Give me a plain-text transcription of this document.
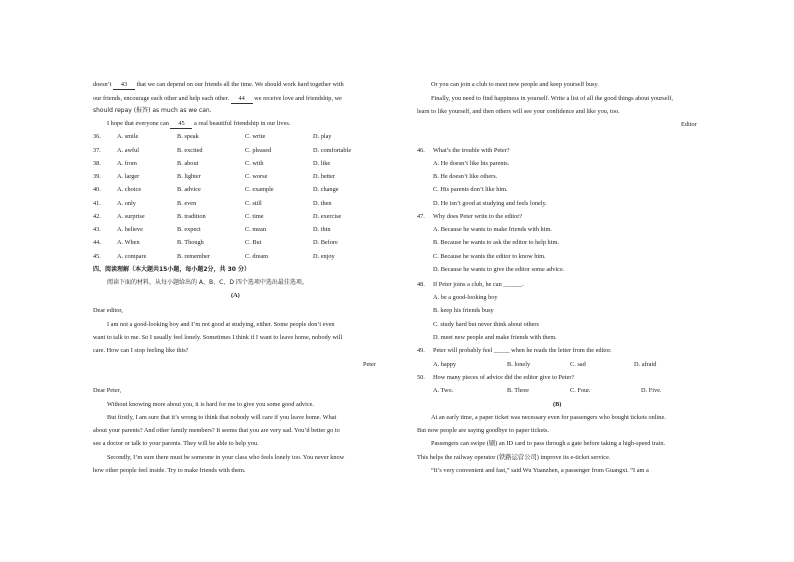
doesn’t 43 that we can depend on our friends all the time. We should work hard together with
our friends, encourage each other and help each other. 44 we receive love and friendship, we
should repay (报答) as much as we can.
I hope that everyone can 45 a real beautiful friendship in our lives.
36.	A. smile	B. speak	C. write	D. play
37.	A. awful	B. excited	C. pleased	D. comfortable
38.	A. from	B. about	C. with	D. like
39.	A. larger	B. lighter	C. worse	D. better
40.	A. choice	B. advice	C. example	D. change
41.	A. only	B. even	C. still	D. then
42.	A. surprise	B. tradition	C. time	D. exercise
43.	A. believe	B. expect	C. mean	D. thin
44.	A. When	B. Though	C. But	D. Before
45.	A. compare	B. remember	C. dream	D. enjoy
四、阅读理解（本大题共15小题，每小题2分，共 30 分）
阅读下面的材料，从每小题给出的 A、B、C、D 四个选项中选出最佳选项。
(A)
Dear editor,
I am not a good-looking boy and I’m not good at studying, either. Some people don’t even
want to talk to me. So I usually feel lonely. Sometimes I think if I want to leave home, nobody will
care. How can I stop feeling like this?
Peter
Dear Peter,
Without knowing more about you, it is hard for me to give you some good advice.
But firstly, I am sure that it’s wrong to think that nobody will care if you leave home. What
about your parents? And other family members? It seems that you are very sad. You’d better go to
see a doctor or talk to your parents. They will be able to help you.
Secondly, I’m sure there must be someone in your class who feels lonely too. You never know
how other people feel inside. Try to make friends with them.
Or you can join a club to meet new people and keep yourself busy.
Finally, you need to find happiness in yourself. Write a list of all the good things about yourself,
learn to like yourself, and then others will see your confidence and like you, too.
Editor
46. What’s the trouble with Peter?
A. He doesn’t like his parents.
B. He doesn’t like others.
C. His parents don’t like him.
D. He isn’t good at studying and feels lonely.
47. Why does Peter write to the editor?
A. Because he wants to make friends with him.
B. Because he wants to ask the editor to help him.
C. Because he wants the editor to know him.
D. Because he wants to give the editor some advice.
48. If Peter joins a club, he can ______.
A. be a good-looking boy
B. keep his friends busy
C. study hard but never think about others
D. meet new people and make friends with them.
49. Peter will probably feel _____ when he reads the letter from the editor.
A. happy	B. lonely	C. sad	D. afraid
50. How many pieces of advice did the editor give to Peter?
A. Two.	B. Three	C. Four.	D. Five.
(B)
At an early time, a paper ticket was necessary even for passengers who bought tickets online.
But now people are saying goodbye to paper tickets.
Passengers can swipe (刷) an ID card to pass through a gate before taking a high-speed train.
This helps the railway operator (铁路运营公司) improve its e-ticket service.
“It’s very convenient and fast,” said Wu Yuanzhen, a passenger from Guangxi. “I am a
